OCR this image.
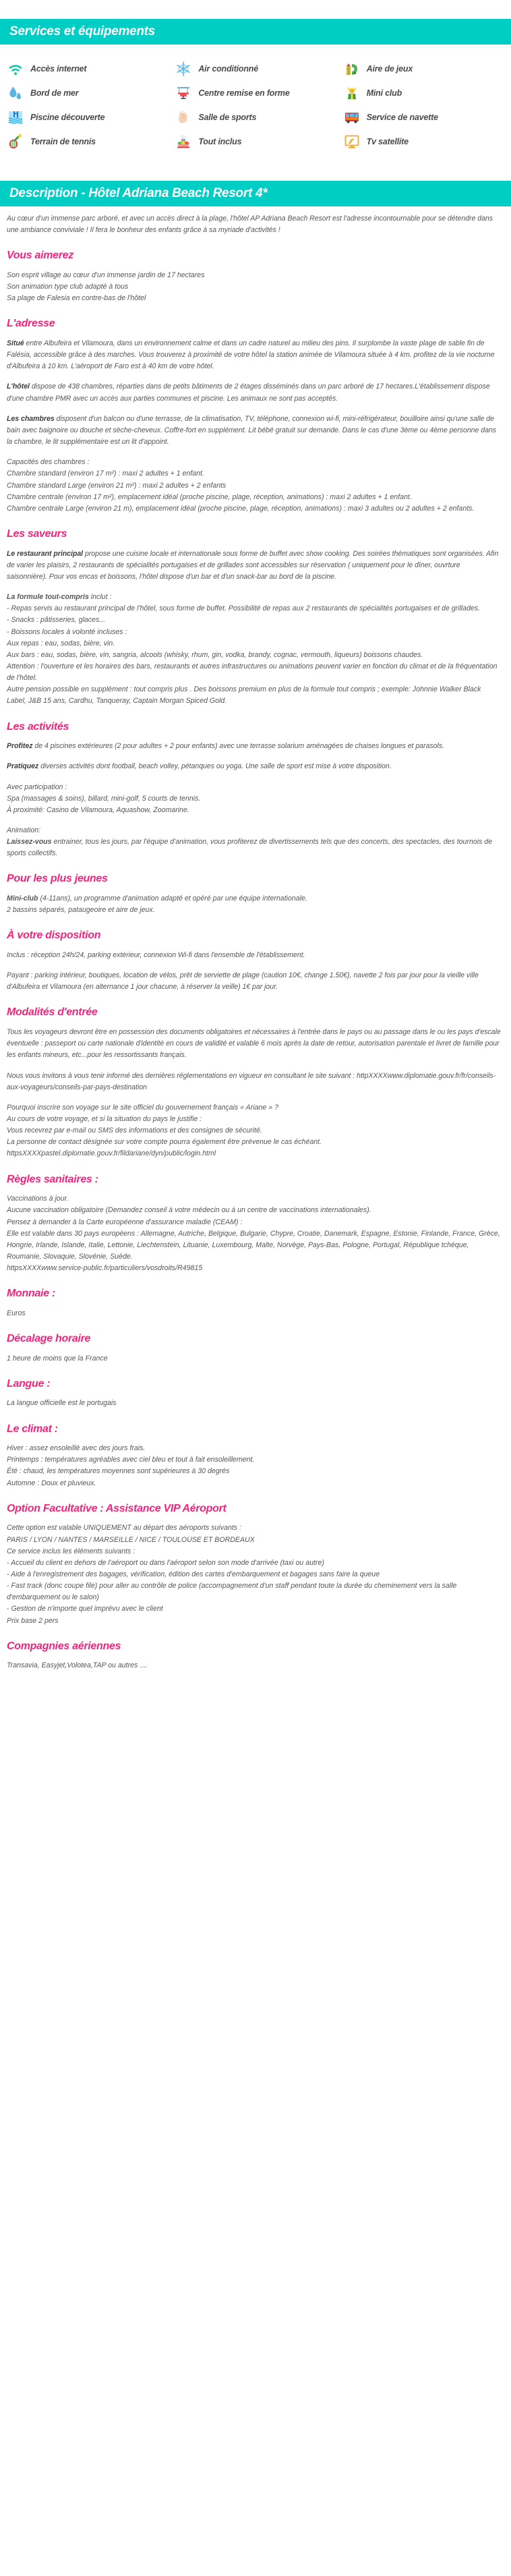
Services et équipements
Accès internet	Air conditionné	Aire de jeux
Bord de mer	Centre remise en forme	Mini club
Piscine découverte	Salle de sports	Service de navette
Terrain de tennis	Tout inclus	Tv satellite
Description - Hôtel Adriana Beach Resort 4*

Au cœur d'un immense parc arboré, et avec un accès direct à la plage, l'hôtel AP Adriana Beach Resort est l'adresse incontournable pour se détendre dans une ambiance conviviale ! Il fera le bonheur des enfants grâce à sa myriade d'activités !

Vous aimerez
Son esprit village au cœur d'un immense jardin de 17 hectares
Son animation type club adapté à tous
Sa plage de Falesia en contre-bas de l'hôtel
L'adresse

Situé entre Albufeira et Vilamoura, dans un environnement calme et dans un cadre naturel au milieu des pins. Il surplombe la vaste plage de sable fin de Falésia, accessible grâce à des marches. Vous trouverez à proximité de votre hôtel la station animée de Vilamoura située à 4 km. profitez de la vie nocturne d'Albufeira à 10 km. L'aéroport de Faro est à 40 km de votre hôtel.

L'hôtel dispose de 438 chambres, réparties dans de petits bâtiments de 2 étages disséminés dans un parc arboré de 17 hectares.L'établissement dispose d'une chambre PMR avec un accès aux parties communes et piscine. Les animaux ne sont pas acceptés.

Les chambres disposent d'un balcon ou d'une terrasse, de la climatisation, TV, téléphone, connexion wi-fi, mini-réfrigérateur, bouilloire ainsi qu'une salle de bain avec baignoire ou douche et sèche-cheveux. Coffre-fort en supplément. Lit bébé gratuit sur demande. Dans le cas d'une 3ème ou 4ème personne dans la chambre, le lit supplémentaire est un lit d'appoint.

Capacités des chambres :
Chambre standard (environ 17 m²) : maxi 2 adultes + 1 enfant.
Chambre standard Large (environ 21 m²) : maxi 2 adultes + 2 enfants
Chambre centrale (environ 17 m²), emplacement idéal (proche piscine, plage, réception, animations) : maxi 2 adultes + 1 enfant.
Chambre centrale Large (environ 21 m), emplacement idéal (proche piscine, plage, réception, animations) : maxi 3 adultes ou 2 adultes + 2 enfants.
Les saveurs

Le restaurant principal propose une cuisine locale et internationale sous forme de buffet avec show cooking. Des soirées thématiques sont organisées. Afin de varier les plaisirs, 2 restaurants de spécialités portugaises et de grillades sont accessibles sur réservation ( uniquement pour le dîner, ouvrture saisonnière). Pour vos encas et boissons, l'hôtel dispose d'un bar et d'un snack-bar au bord de la piscine.

La formule tout-compris inclut :
- Repas servis au restaurant principal de l'hôtel, sous forme de buffet. Possibilité de repas aux 2 restaurants de spécialités portugaises et de grillades.
- Snacks : pâtisseries, glaces...
- Boissons locales à volonté incluses :
Aux repas : eau, sodas, bière, vin.
Aux bars : eau, sodas, bière, vin, sangria, alcools (whisky, rhum, gin, vodka, brandy, cognac, vermouth, liqueurs) boissons chaudes.
Attention : l'ouverture et les horaires des bars, restaurants et autres infrastructures ou animations peuvent varier en fonction du climat et de la fréquentation de l'hôtel.
Autre pension possible en supplément : tout compris plus . Des boissons premium en plus de la formule tout compris ; exemple: Johnnie Walker Black Label, J&B 15 ans, Cardhu, Tanqueray, Captain Morgan Spiced Gold.
Les activités

Profitez de 4 piscines extérieures (2 pour adultes + 2 pour enfants) avec une terrasse solarium aménagées de chaises longues et parasols.

Pratiquez diverses activités dont football, beach volley, pétanques ou yoga. Une salle de sport est mise à votre disposition.

Avec participation :
Spa (massages & soins), billard, mini-golf, 5 courts de tennis.
À proximité: Casino de Vilamoura, Aquashow, Zoomarine.
Animation:
Laissez-vous entrainer, tous les jours, par l'équipe d'animation, vous profiterez de divertissements tels que des concerts, des spectacles, des tournois de sports collectifs.
Pour les plus jeunes
Mini-club (4-11ans), un programme d'animation adapté et opéré par une équipe internationale.
2 bassins séparés, pataugeoire et aire de jeux.
À votre disposition

Inclus : réception 24h/24, parking extérieur, connexion Wi-fi dans l'ensemble de l'établissement.

Payant : parking intérieur, boutiques, location de vélos, prêt de serviette de plage (caution 10€, change 1.50€), navette 2 fois par jour pour la vieille ville d'Albufeira et Vilamoura (en alternance 1 jour chacune, à réserver la veille) 1€ par jour.

Modalités d'entrée

Tous les voyageurs devront être en possession des documents obligatoires et nécessaires à l'entrée dans le pays ou au passage dans le ou les pays d'escale éventuelle : passeport ou carte nationale d'identité en cours de validité et valable 6 mois après la date de retour, autorisation parentale et livret de famille pour les enfants mineurs, etc...pour les ressortissants français.

Nous vous invitons à vous tenir informé des dernières réglementations en vigueur en consultant le site suivant : httpXXXXwww.diplomatie.gouv.fr/fr/conseils-aux-voyageurs/conseils-par-pays-destination

Pourquoi inscrire son voyage sur le site officiel du gouvernement français « Ariane » ?
Au cours de votre voyage, et si la situation du pays le justifie :
Vous recevrez par e-mail ou SMS des informations et des consignes de sécurité.
La personne de contact désignée sur votre compte pourra également être prévenue le cas échéant.
httpsXXXXpastel.diplomatie.gouv.fr/fildariane/dyn/public/login.html
Règles sanitaires :
Vaccinations à jour.
Aucune vaccination obligatoire (Demandez conseil à votre médecin ou à un centre de vaccinations internationales).
Pensez à demander à la Carte européenne d'assurance maladie (CEAM) :
Elle est valable dans 30 pays européens : Allemagne, Autriche, Belgique, Bulgarie, Chypre, Croatie, Danemark, Espagne, Estonie, Finlande, France, Grèce, Hongrie, Irlande, Islande, Italie, Lettonie, Liechtenstein, Lituanie, Luxembourg, Malte, Norvège, Pays-Bas, Pologne, Portugal, République tchèque, Roumanie, Slovaquie, Slovénie, Suède.
httpsXXXXwww.service-public.fr/particuliers/vosdroits/R49815
Monnaie :
Euros
Décalage horaire
1 heure de moins que la France
Langue :
La langue officielle est le portugais
Le climat :
Hiver : assez ensoleillé avec des jours frais.
Printemps : températures agréables avec ciel bleu et tout à fait ensoleillement.
Été : chaud, les températures moyennes sont supérieures à 30 degrés
Automne : Doux et pluvieux.
Option Facultative : Assistance VIP Aéroport
Cette option est valable UNIQUEMENT au départ des aéroports suivants :
PARIS / LYON / NANTES / MARSEILLE / NICE / TOULOUSE ET BORDEAUX
Ce service inclus les éléments suivants :
- Accueil du client en dehors de l'aéroport ou dans l'aéroport selon son mode d'arrivée (taxi ou autre)
- Aide à l'enregistrement des bagages, vérification, édition des cartes d'embarquement et bagages sans faire la queue
- Fast track (donc coupe file) pour aller au contrôle de police (accompagnement d'un staff pendant toute la durée du cheminement vers la salle d'embarquement ou le salon)
- Gestion de n'importe quel imprévu avec le client
Prix base 2 pers
Compagnies aériennes
Transavia, Easyjet,Volotea,TAP ou autres ....
